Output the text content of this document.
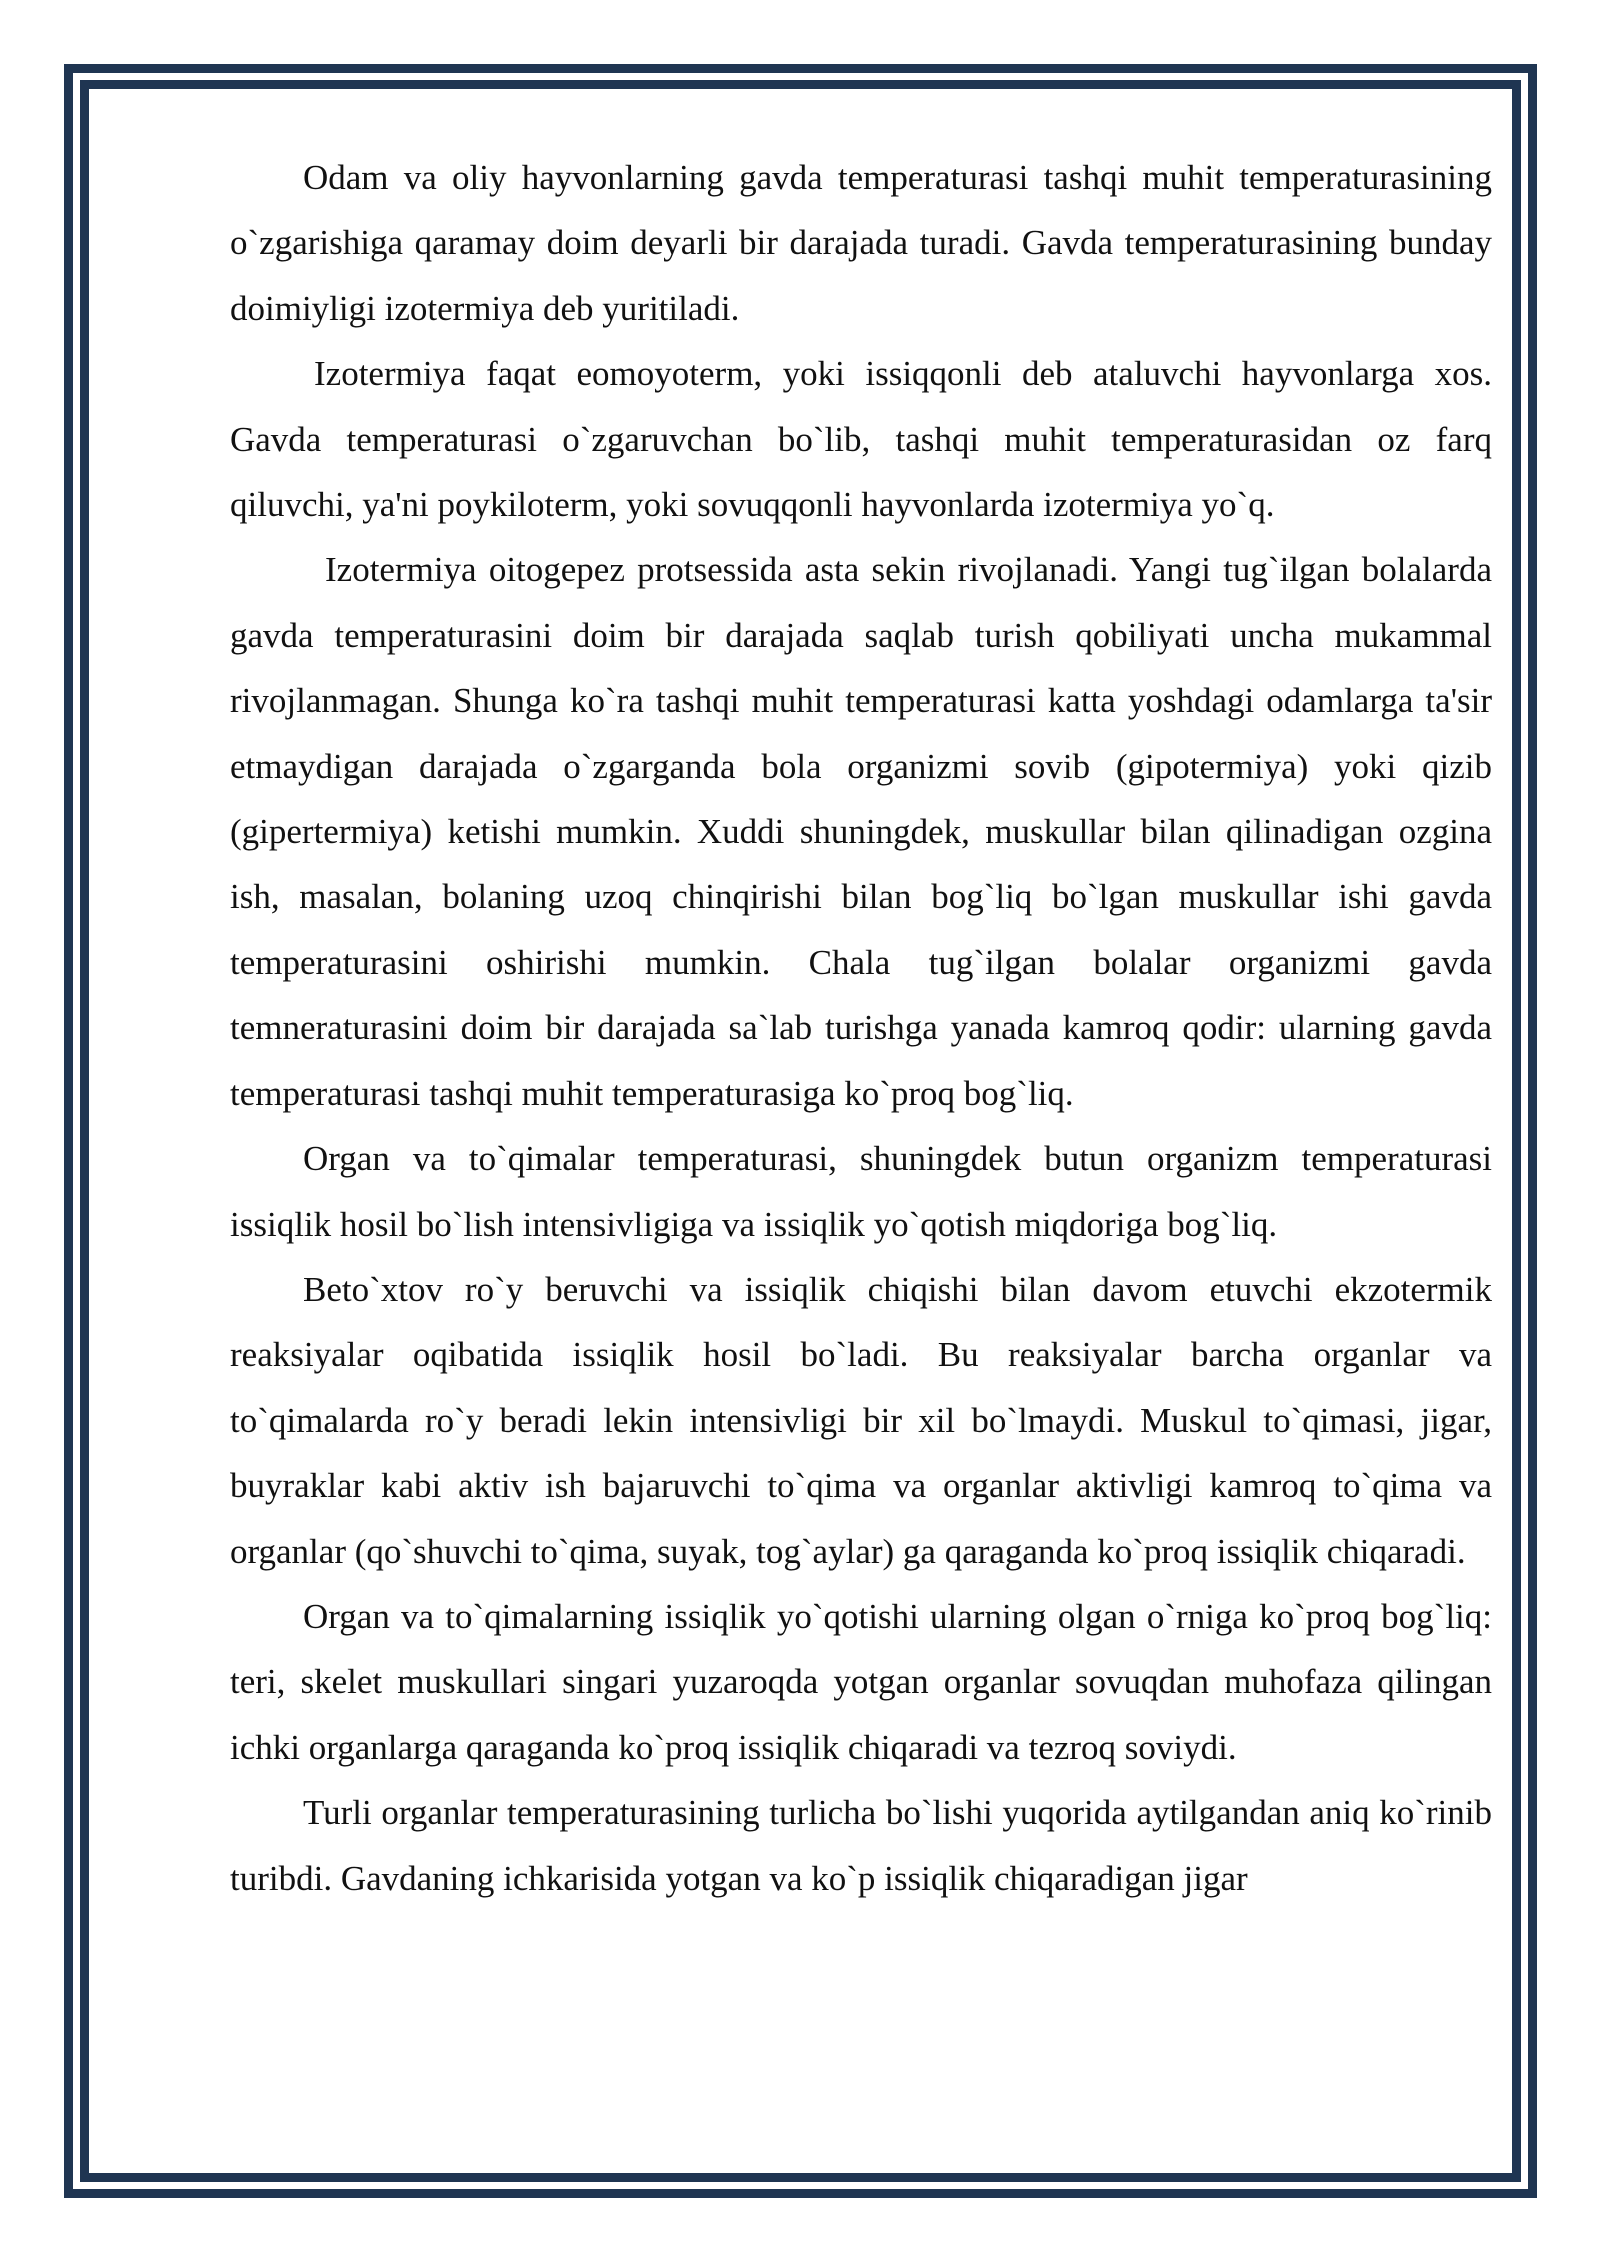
Odam va oliy hayvonlarning gavda temperaturasi tashqi muhit temperaturasining o`zgarishiga qaramay doim deyarli bir darajada turadi. Gavda temperaturasining bunday doimiyligi izotermiya deb yuritiladi.

Izotermiya faqat eomoyoterm, yoki issiqqonli deb ataluvchi hayvonlarga xos. Gavda temperaturasi o`zgaruvchan bo`lib, tashqi muhit temperaturasidan oz farq qiluvchi, ya'ni poykiloterm, yoki sovuqqonli hayvonlarda izotermiya yo`q.

Izotermiya oitogepez protsessida asta sekin rivojlanadi. Yangi tug`ilgan bolalarda gavda temperaturasini doim bir darajada saqlab turish qobiliyati uncha mukammal rivojlanmagan. Shunga ko`ra tashqi muhit temperaturasi katta yoshdagi odamlarga ta'sir etmaydigan darajada o`zgarganda bola organizmi sovib (gipotermiya) yoki qizib (gipertermiya) ketishi mumkin. Xuddi shuningdek, muskullar bilan qilinadigan ozgina ish, masalan, bolaning uzoq chinqirishi bilan bog`liq bo`lgan muskullar ishi gavda temperaturasini oshirishi mumkin. Chala tug`ilgan bolalar organizmi gavda temneraturasini doim bir darajada sa`lab turishga yanada kamroq qodir: ularning gavda temperaturasi tashqi muhit temperaturasiga ko`proq bog`liq.

Organ va to`qimalar temperaturasi, shuningdek butun organizm temperaturasi issiqlik hosil bo`lish intensivligiga va issiqlik yo`qotish miqdoriga bog`liq.

Beto`xtov ro`y beruvchi va issiqlik chiqishi bilan davom etuvchi ekzotermik reaksiyalar oqibatida issiqlik hosil bo`ladi. Bu reaksiyalar barcha organlar va to`qimalarda ro`y beradi lekin intensivligi bir xil bo`lmaydi. Muskul to`qimasi, jigar, buyraklar kabi aktiv ish bajaruvchi to`qima va organlar aktivligi kamroq to`qima va organlar (qo`shuvchi to`qima, suyak, tog`aylar) ga qaraganda ko`proq issiqlik chiqaradi.

Organ va to`qimalarning issiqlik yo`qotishi ularning olgan o`rniga ko`proq bog`liq: teri, skelet muskullari singari yuzaroqda yotgan organlar sovuqdan muhofaza qilingan ichki organlarga qaraganda ko`proq issiqlik chiqaradi va tezroq soviydi.

Turli organlar temperaturasining turlicha bo`lishi yuqorida aytilgandan aniq ko`rinib turibdi. Gavdaning ichkarisida yotgan va ko`p issiqlik chiqaradigan jigar
